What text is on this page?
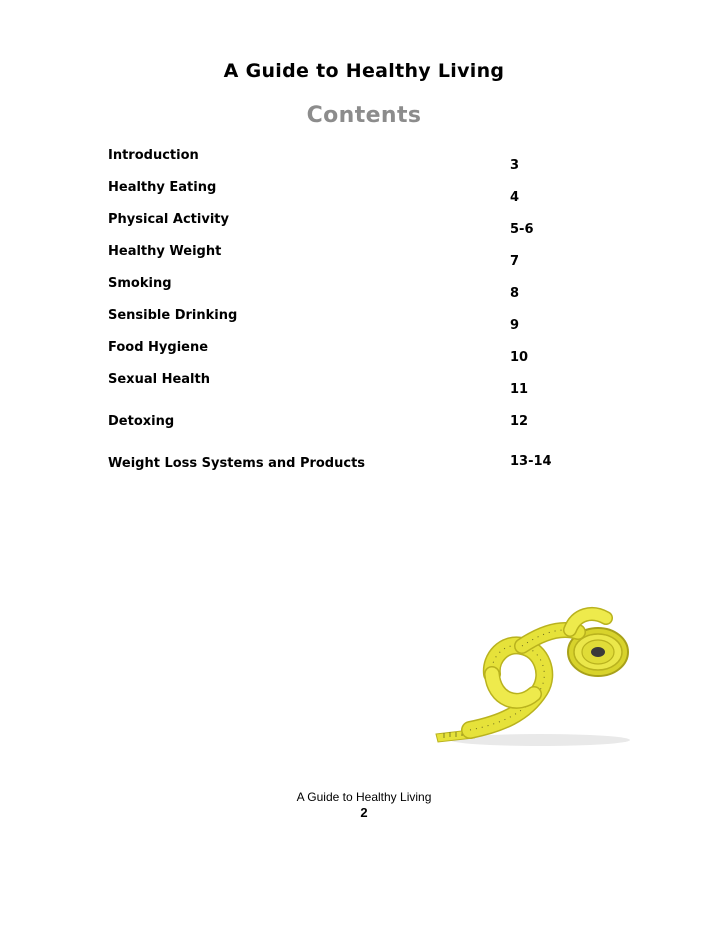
A Guide to Healthy Living
Contents
Introduction
3
Healthy Eating
4
Physical Activity
5-6
Healthy Weight
7
Smoking
8
Sensible Drinking
9
Food Hygiene
10
Sexual Health
11
Detoxing	12
Weight Loss Systems and Products	13-14
A Guide to Healthy Living
2
